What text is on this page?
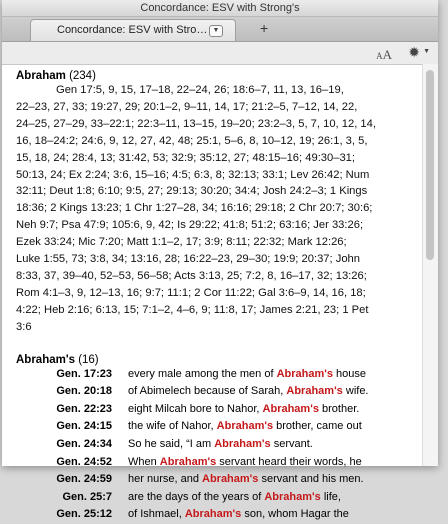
Concordance: ESV with Strong's
Concordance: ESV with Stro… ▼	+
AA ✹ ▼
Abraham (234)
Gen 17:5, 9, 15, 17–18, 22–24, 26; 18:6–7, 11, 13, 16–19,
22–23, 27, 33; 19:27, 29; 20:1–2, 9–11, 14, 17; 21:2–5, 7–12, 14, 22,
24–25, 27–29, 33–22:1; 22:3–11, 13–15, 19–20; 23:2–3, 5, 7, 10, 12, 14,
16, 18–24:2; 24:6, 9, 12, 27, 42, 48; 25:1, 5–6, 8, 10–12, 19; 26:1, 3, 5,
15, 18, 24; 28:4, 13; 31:42, 53; 32:9; 35:12, 27; 48:15–16; 49:30–31;
50:13, 24; Ex 2:24; 3:6, 15–16; 4:5; 6:3, 8; 32:13; 33:1; Lev 26:42; Num
32:11; Deut 1:8; 6:10; 9:5, 27; 29:13; 30:20; 34:4; Josh 24:2–3; 1 Kings
18:36; 2 Kings 13:23; 1 Chr 1:27–28, 34; 16:16; 29:18; 2 Chr 20:7; 30:6;
Neh 9:7; Psa 47:9; 105:6, 9, 42; Is 29:22; 41:8; 51:2; 63:16; Jer 33:26;
Ezek 33:24; Mic 7:20; Matt 1:1–2, 17; 3:9; 8:11; 22:32; Mark 12:26;
Luke 1:55, 73; 3:8, 34; 13:16, 28; 16:22–23, 29–30; 19:9; 20:37; John
8:33, 37, 39–40, 52–53, 56–58; Acts 3:13, 25; 7:2, 8, 16–17, 32; 13:26;
Rom 4:1–3, 9, 12–13, 16; 9:7; 11:1; 2 Cor 11:22; Gal 3:6–9, 14, 16, 18;
4:22; Heb 2:16; 6:13, 15; 7:1–2, 4–6, 9; 11:8, 17; James 2:21, 23; 1 Pet
3:6
Abraham's (16)
Gen. 17:23	every male among the men of Abraham's house
Gen. 20:18	of Abimelech because of Sarah, Abraham's wife.
Gen. 22:23	eight Milcah bore to Nahor, Abraham's brother.
Gen. 24:15	the wife of Nahor, Abraham's brother, came out
Gen. 24:34	So he said, “I am Abraham's servant.
Gen. 24:52	When Abraham's servant heard their words, he
Gen. 24:59	her nurse, and Abraham's servant and his men.
Gen. 25:7	are the days of the years of Abraham's life,
Gen. 25:12	of Ishmael, Abraham's son, whom Hagar the
